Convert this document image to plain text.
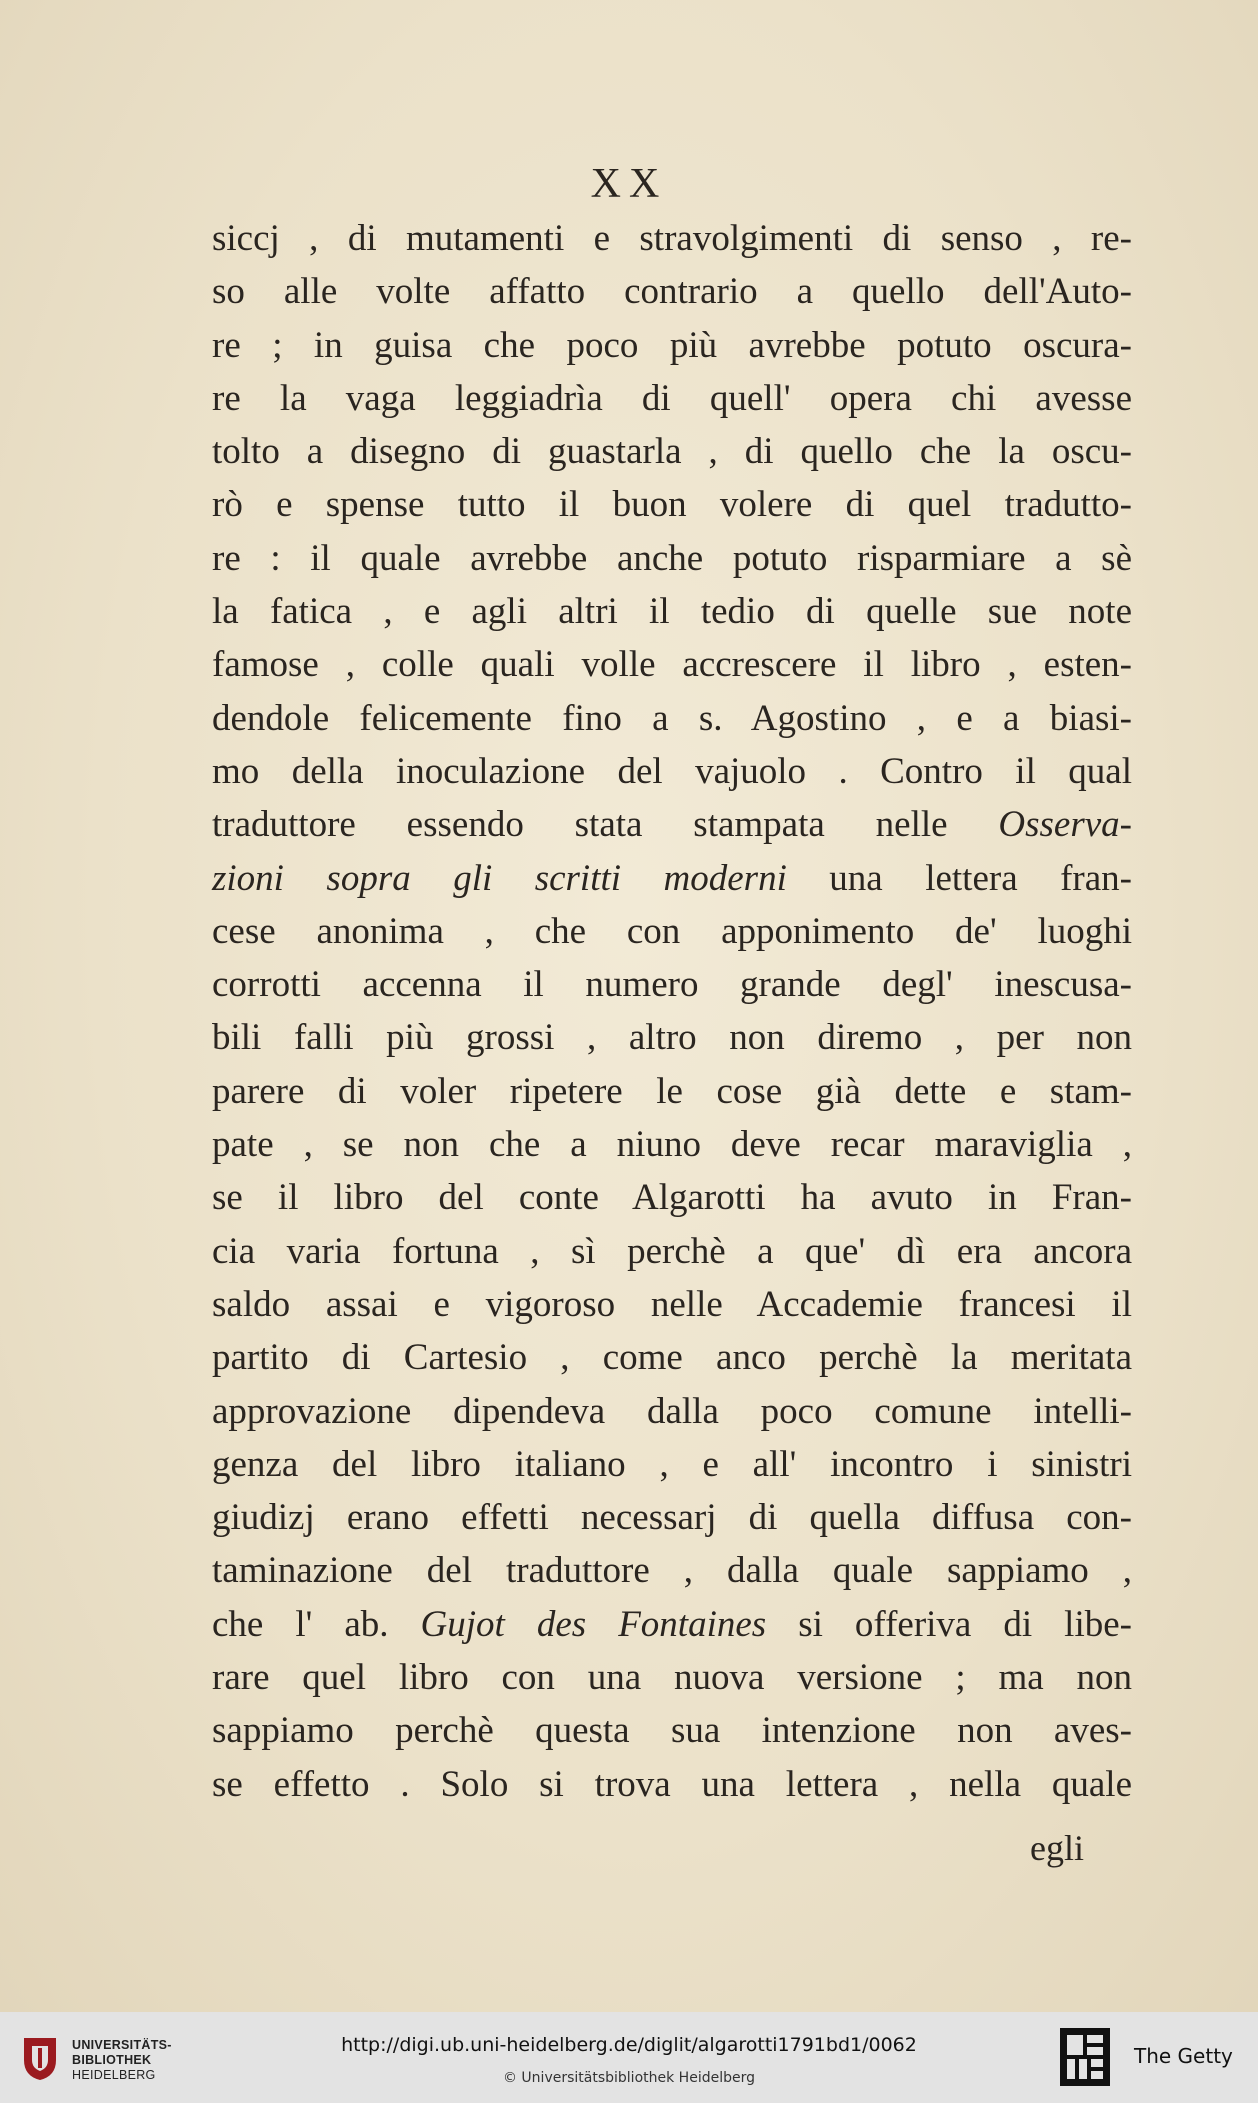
XX
siccj , di mutamenti e stravolgimenti di senso , re-
so alle volte affatto contrario a quello dell'Auto-
re ; in guisa che poco più avrebbe potuto oscura-
re la vaga leggiadrìa di quell' opera chi avesse
tolto a disegno di guastarla , di quello che la oscu-
rò e spense tutto il buon volere di quel tradutto-
re : il quale avrebbe anche potuto risparmiare a sè
la fatica , e agli altri il tedio di quelle sue note
famose , colle quali volle accrescere il libro , esten-
dendole felicemente fino a s. Agostino , e a biasi-
mo della inoculazione del vajuolo . Contro il qual
traduttore essendo stata stampata nelle Osserva-
zioni sopra gli scritti moderni una lettera fran-
cese anonima , che con apponimento de' luoghi
corrotti accenna il numero grande degl' inescusa-
bili falli più grossi , altro non diremo , per non
parere di voler ripetere le cose già dette e stam-
pate , se non che a niuno deve recar maraviglia ,
se il libro del conte Algarotti ha avuto in Fran-
cia varia fortuna , sì perchè a que' dì era ancora
saldo assai e vigoroso nelle Accademie francesi il
partito di Cartesio , come anco perchè la meritata
approvazione dipendeva dalla poco comune intelli-
genza del libro italiano , e all' incontro i sinistri
giudizj erano effetti necessarj di quella diffusa con-
taminazione del traduttore , dalla quale sappiamo ,
che l' ab. Gujot des Fontaines si offeriva di libe-
rare quel libro con una nuova versione ; ma non
sappiamo perchè questa sua intenzione non aves-
se effetto . Solo si trova una lettera , nella quale
egli
UNIVERSITÄTS-
BIBLIOTHEK
HEIDELBERG
http://digi.ub.uni-heidelberg.de/diglit/algarotti1791bd1/0062
© Universitätsbibliothek Heidelberg
The Getty
